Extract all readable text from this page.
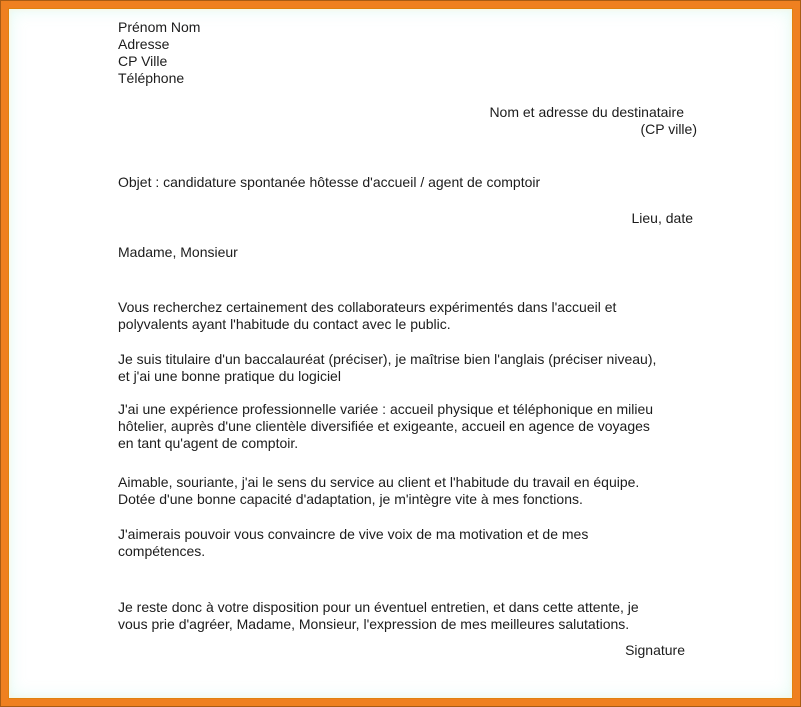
Prénom Nom
Adresse
CP Ville
Téléphone
Nom et adresse du destinataire
(CP ville)
Objet : candidature spontanée hôtesse d'accueil / agent de comptoir
Lieu, date
Madame, Monsieur
Vous recherchez certainement des collaborateurs expérimentés dans l'accueil et
polyvalents ayant l'habitude du contact avec le public.
Je suis titulaire d'un baccalauréat (préciser), je maîtrise bien l'anglais (préciser niveau),
et j'ai une bonne pratique du logiciel
J'ai une expérience professionnelle variée : accueil physique et téléphonique en milieu
hôtelier, auprès d'une clientèle diversifiée et exigeante, accueil en agence de voyages
en tant qu'agent de comptoir.
Aimable, souriante, j'ai le sens du service au client et l'habitude du travail en équipe.
Dotée d'une bonne capacité d'adaptation, je m'intègre vite à mes fonctions.
J'aimerais pouvoir vous convaincre de vive voix de ma motivation et de mes
compétences.
Je reste donc à votre disposition pour un éventuel entretien, et dans cette attente, je
vous prie d'agréer, Madame, Monsieur, l'expression de mes meilleures salutations.
Signature
